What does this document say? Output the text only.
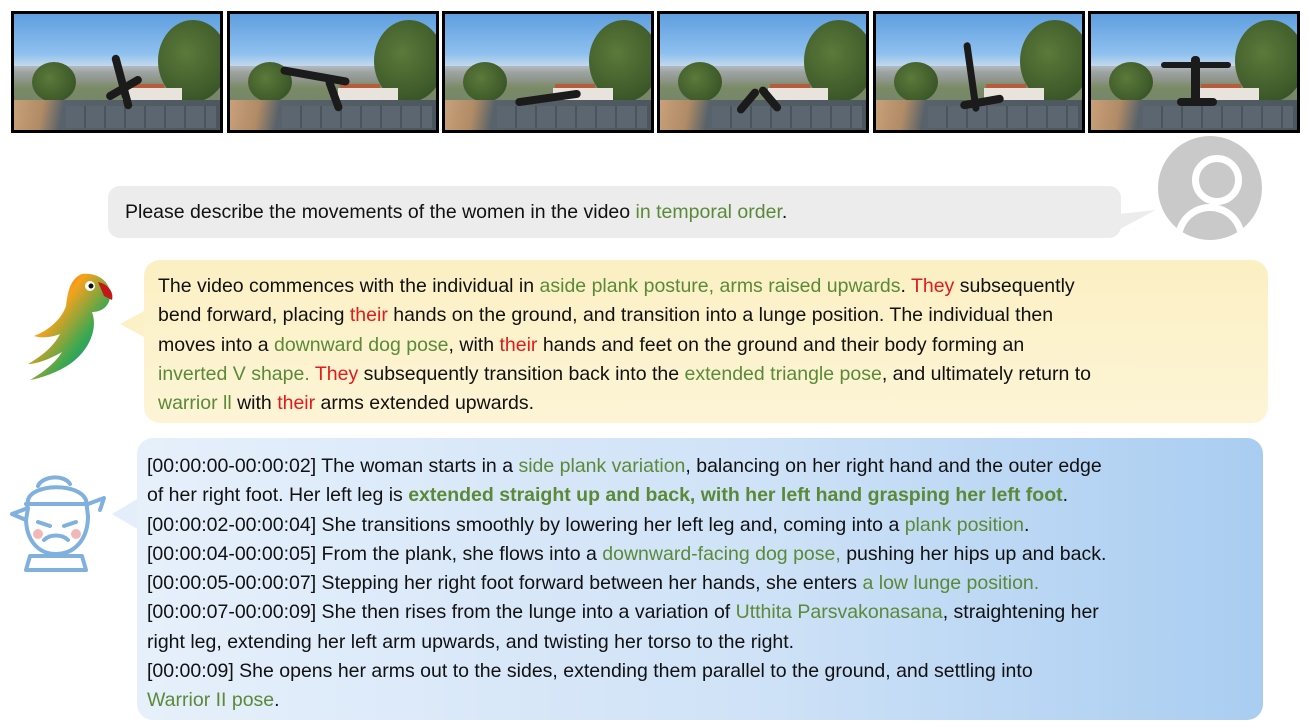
Please describe the movements of the women in the video in temporal order.
The video commences with the individual in aside plank posture, arms raised upwards. They subsequently
bend forward, placing their hands on the ground, and transition into a lunge position. The individual then
moves into a downward dog pose, with their hands and feet on the ground and their body forming an
inverted V shape. They subsequently transition back into the extended triangle pose, and ultimately return to
warrior ll with their arms extended upwards.
[00:00:00-00:00:02] The woman starts in a side plank variation, balancing on her right hand and the outer edge
of her right foot. Her left leg is extended straight up and back, with her left hand grasping her left foot.
[00:00:02-00:00:04] She transitions smoothly by lowering her left leg and, coming into a plank position.
[00:00:04-00:00:05] From the plank, she flows into a downward-facing dog pose, pushing her hips up and back.
[00:00:05-00:00:07] Stepping her right foot forward between her hands, she enters a low lunge position.
[00:00:07-00:00:09] She then rises from the lunge into a variation of Utthita Parsvakonasana, straightening her
right leg, extending her left arm upwards, and twisting her torso to the right.
[00:00:09] She opens her arms out to the sides, extending them parallel to the ground, and settling into
Warrior II pose.
